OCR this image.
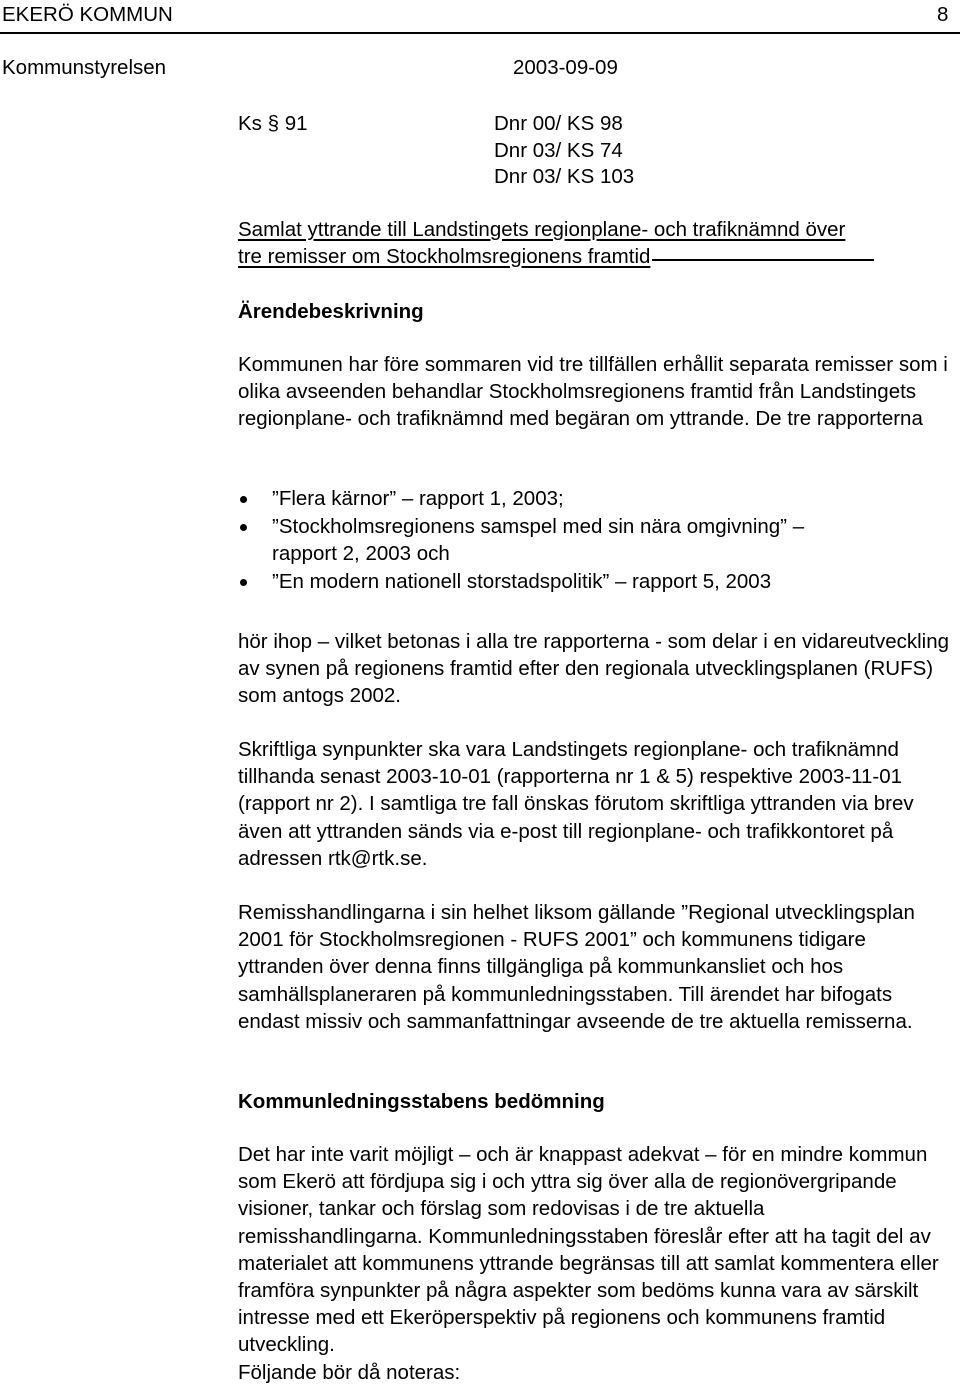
EKERÖ KOMMUN	8
Kommunstyrelsen	2003-09-09
Ks § 91	Dnr 00/ KS 98
Dnr 03/ KS 74
Dnr 03/ KS 103
Samlat yttrande till Landstingets regionplane- och trafiknämnd över
tre remisser om Stockholmsregionens framtid
Ärendebeskrivning

Kommunen har före sommaren vid tre tillfällen erhållit separata remisser som i olika avseenden behandlar Stockholmsregionens framtid från Landstingets regionplane- och trafiknämnd med begäran om yttrande. De tre rapporterna

”Flera kärnor” – rapport 1, 2003;
”Stockholmsregionens samspel med sin nära omgivning” – rapport 2, 2003 och
”En modern nationell storstadspolitik” – rapport 5, 2003

hör ihop – vilket betonas i alla tre rapporterna - som delar i en vidareutveckling av synen på regionens framtid efter den regionala utvecklingsplanen (RUFS) som antogs 2002.

Skriftliga synpunkter ska vara Landstingets regionplane- och trafiknämnd tillhanda senast 2003-10-01 (rapporterna nr 1 & 5) respektive 2003-11-01 (rapport nr 2). I samtliga tre fall önskas förutom skriftliga yttranden via brev även att yttranden sänds via e-post till regionplane- och trafikkontoret på adressen rtk@rtk.se.

Remisshandlingarna i sin helhet liksom gällande ”Regional utvecklingsplan 2001 för Stockholmsregionen - RUFS 2001” och kommunens tidigare yttranden över denna finns tillgängliga på kommunkansliet och hos samhällsplaneraren på kommunledningsstaben. Till ärendet har bifogats endast missiv och sammanfattningar avseende de tre aktuella remisserna.

Kommunledningsstabens bedömning

Det har inte varit möjligt – och är knappast adekvat – för en mindre kommun som Ekerö att fördjupa sig i och yttra sig över alla de regionövergripande visioner, tankar och förslag som redovisas i de tre aktuella remisshandlingarna. Kommunledningsstaben föreslår efter att ha tagit del av materialet att kommunens yttrande begränsas till att samlat kommentera eller framföra synpunkter på några aspekter som bedöms kunna vara av särskilt intresse med ett Ekeröperspektiv på regionens och kommunens framtid utveckling.

Följande bör då noteras:
